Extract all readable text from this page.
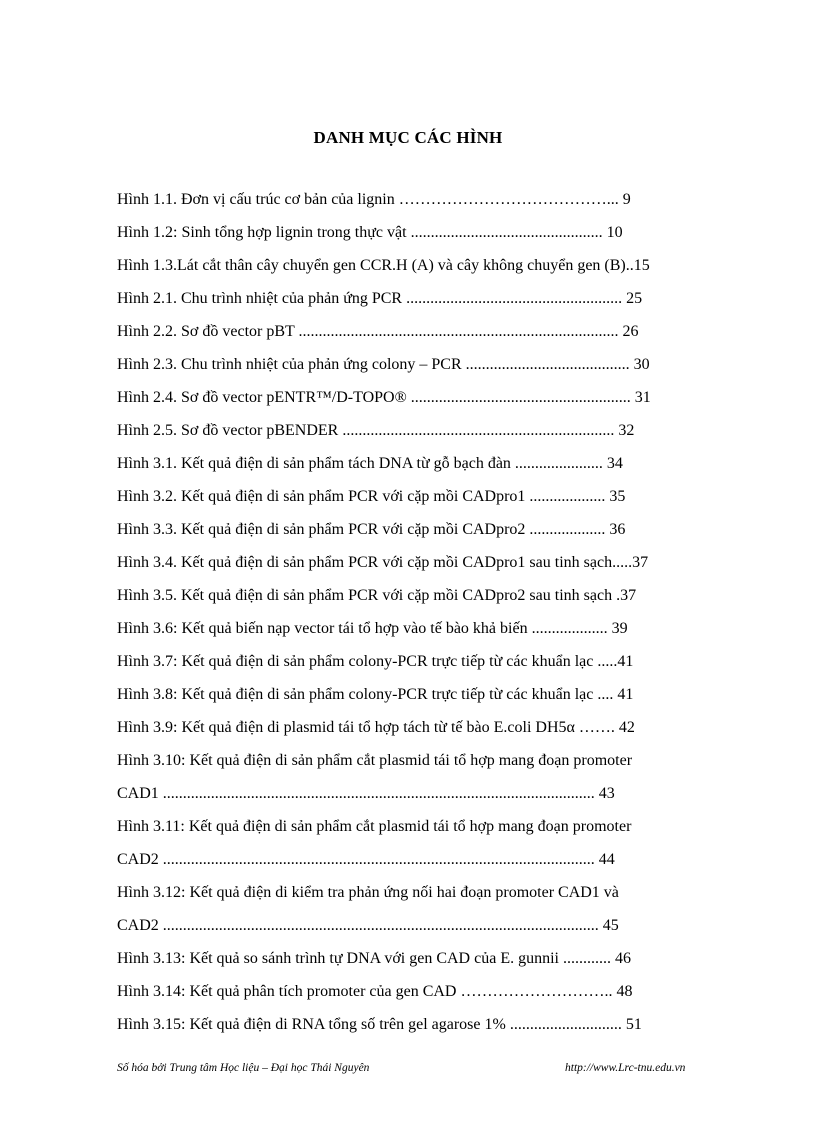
DANH MỤC CÁC HÌNH
Hình 1.1. Đơn vị cấu trúc cơ bản của lignin …………………………………... 9
Hình 1.2: Sinh tổng hợp lignin trong thực vật ................................................ 10
Hình 1.3.Lát cắt thân cây chuyển gen CCR.H (A) và cây không chuyển gen (B)..15
Hình 2.1. Chu trình nhiệt của phản ứng PCR ...................................................... 25
Hình 2.2. Sơ đồ vector pBT ................................................................................ 26
Hình 2.3. Chu trình nhiệt của phản ứng colony – PCR ......................................... 30
Hình 2.4. Sơ đồ vector pENTR™/D-TOPO® ....................................................... 31
Hình 2.5. Sơ đồ vector pBENDER .................................................................... 32
Hình 3.1. Kết quả điện di sản phẩm tách DNA từ gỗ bạch đàn ...................... 34
Hình 3.2. Kết quả điện di sản phẩm PCR với cặp mồi CADpro1 ................... 35
Hình 3.3. Kết quả điện di sản phẩm PCR với cặp mồi CADpro2 ................... 36
Hình 3.4. Kết quả điện di sản phẩm PCR với cặp mồi CADpro1 sau tinh sạch.....37
Hình 3.5. Kết quả điện di sản phẩm PCR với cặp mồi CADpro2 sau tinh sạch .37
Hình 3.6: Kết quả biến nạp vector tái tổ hợp vào tế bào khả biến ................... 39
Hình 3.7: Kết quả điện di sản phẩm colony-PCR trực tiếp từ các khuẩn lạc .....41
Hình 3.8: Kết quả điện di sản phẩm colony-PCR trực tiếp từ các khuẩn lạc .... 41
Hình 3.9: Kết quả điện di plasmid tái tổ hợp tách từ tế bào E.coli DH5α ……. 42
Hình 3.10: Kết quả điện di sản phẩm cắt plasmid tái tổ hợp mang đoạn promoter
CAD1 ............................................................................................................ 43
Hình 3.11: Kết quả điện di sản phẩm cắt plasmid tái tổ hợp mang đoạn promoter
CAD2 ............................................................................................................ 44
Hình 3.12: Kết quả điện di kiểm tra phản ứng nối hai đoạn promoter CAD1 và
CAD2 ............................................................................................................. 45
Hình 3.13: Kết quả so sánh trình tự DNA với gen CAD của E. gunnii ............ 46
Hình 3.14: Kết quả phân tích promoter của gen CAD ……………………….. 48
Hình 3.15: Kết quả điện di RNA tổng số trên gel agarose 1% ............................ 51
Số hóa bởi Trung tâm Học liệu – Đại học Thái Nguyên	http://www.Lrc-tnu.edu.vn
